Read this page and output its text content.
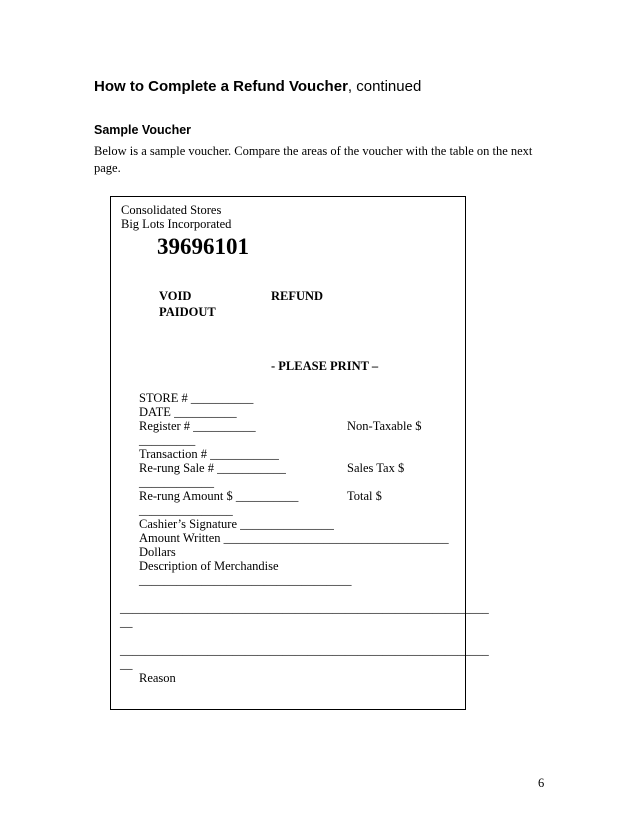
How to Complete a Refund Voucher, continued
Sample Voucher
Below is a sample voucher. Compare the areas of the voucher with the table on the next page.
Consolidated Stores
Big Lots Incorporated
39696101
VOID	REFUND
PAIDOUT
- PLEASE PRINT –
STORE # __________
DATE __________
Register # __________	Non-Taxable $
_________
Transaction # ___________
Re-rung Sale # ___________	Sales Tax $
____________
Re-rung Amount $ __________	Total $
_______________
Cashier’s Signature _______________
Amount Written ____________________________________
Dollars
Description of Merchandise
__________________________________
___________________________________________________________
__
___________________________________________________________
__
Reason
6
